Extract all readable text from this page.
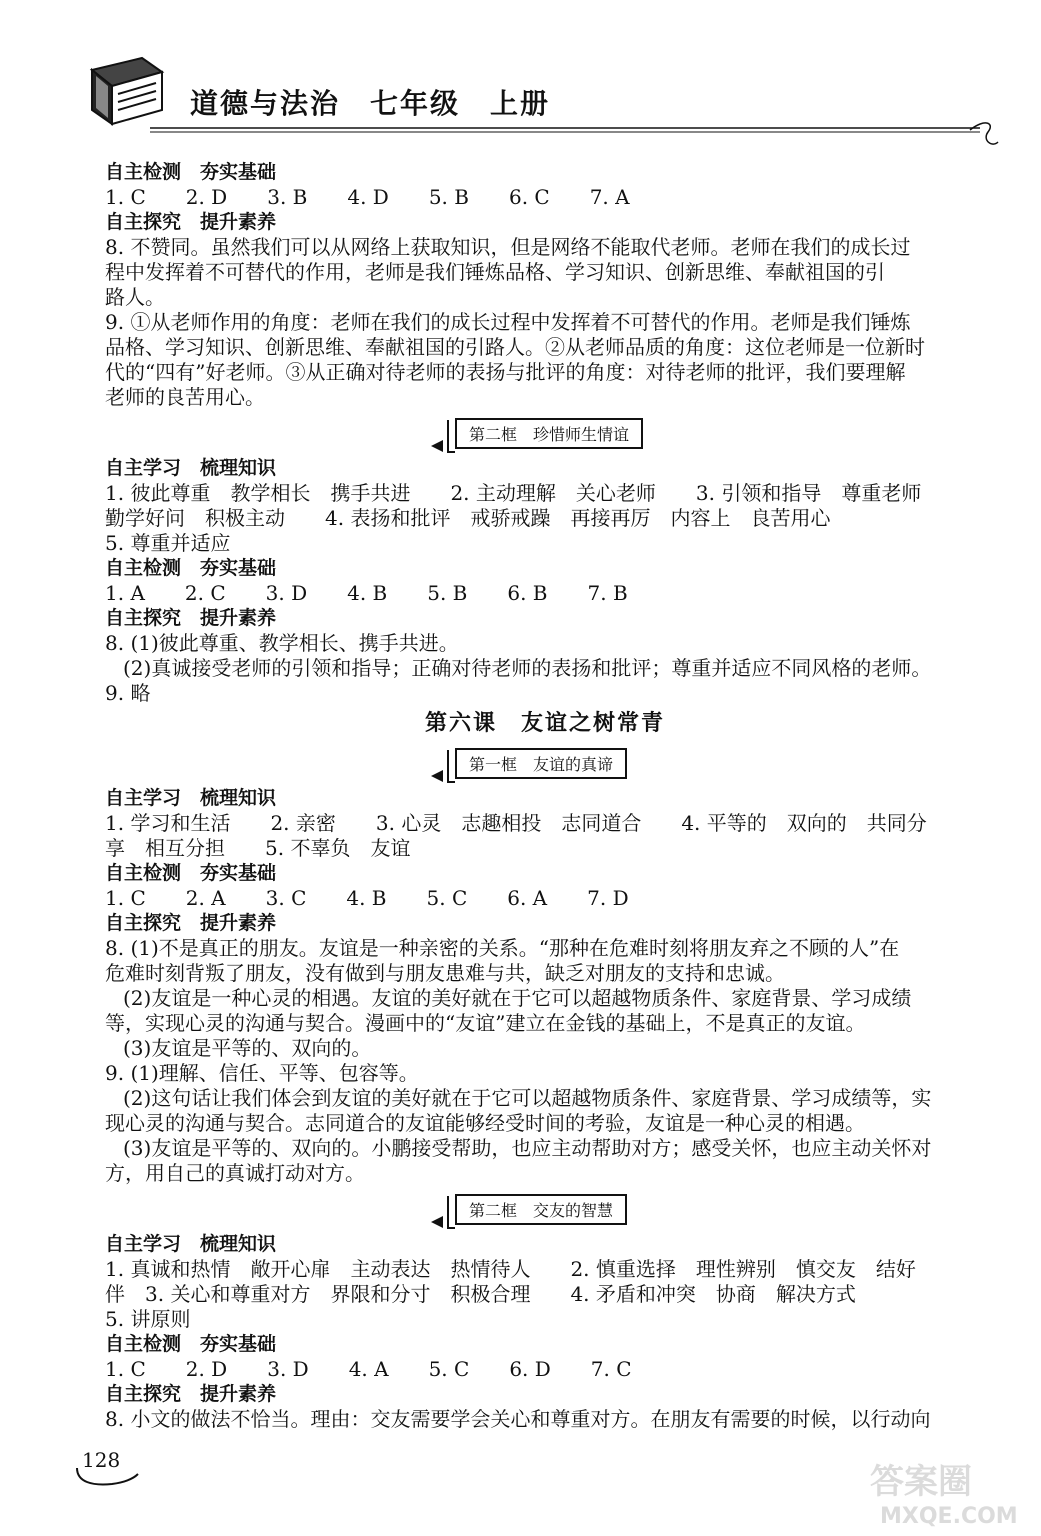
道德与法治　七年级　上册
自主检测　夯实基础
1. C　　2. D　　3. B　　4. D　　5. B　　6. C　　7. A
自主探究　提升素养
8. 不赞同。虽然我们可以从网络上获取知识，但是网络不能取代老师。老师在我们的成长过
程中发挥着不可替代的作用，老师是我们锤炼品格、学习知识、创新思维、奉献祖国的引
路人。
9. ①从老师作用的角度：老师在我们的成长过程中发挥着不可替代的作用。老师是我们锤炼
品格、学习知识、创新思维、奉献祖国的引路人。②从老师品质的角度：这位老师是一位新时
代的“四有”好老师。③从正确对待老师的表扬与批评的角度：对待老师的批评，我们要理解
老师的良苦用心。
第二框　珍惜师生情谊
自主学习　梳理知识
1. 彼此尊重　教学相长　携手共进　　2. 主动理解　关心老师　　3. 引领和指导　尊重老师
勤学好问　积极主动　　4. 表扬和批评　戒骄戒躁　再接再厉　内容上　良苦用心
5. 尊重并适应
自主检测　夯实基础
1. A　　2. C　　3. D　　4. B　　5. B　　6. B　　7. B
自主探究　提升素养
8. (1)彼此尊重、教学相长、携手共进。
(2)真诚接受老师的引领和指导；正确对待老师的表扬和批评；尊重并适应不同风格的老师。
9. 略
第六课　友谊之树常青
第一框　友谊的真谛
自主学习　梳理知识
1. 学习和生活　　2. 亲密　　3. 心灵　志趣相投　志同道合　　4. 平等的　双向的　共同分
享　相互分担　　5. 不辜负　友谊
自主检测　夯实基础
1. C　　2. A　　3. C　　4. B　　5. C　　6. A　　7. D
自主探究　提升素养
8. (1)不是真正的朋友。友谊是一种亲密的关系。“那种在危难时刻将朋友弃之不顾的人”在
危难时刻背叛了朋友，没有做到与朋友患难与共，缺乏对朋友的支持和忠诚。
(2)友谊是一种心灵的相遇。友谊的美好就在于它可以超越物质条件、家庭背景、学习成绩
等，实现心灵的沟通与契合。漫画中的“友谊”建立在金钱的基础上，不是真正的友谊。
(3)友谊是平等的、双向的。
9. (1)理解、信任、平等、包容等。
(2)这句话让我们体会到友谊的美好就在于它可以超越物质条件、家庭背景、学习成绩等，实
现心灵的沟通与契合。志同道合的友谊能够经受时间的考验，友谊是一种心灵的相遇。
(3)友谊是平等的、双向的。小鹏接受帮助，也应主动帮助对方；感受关怀，也应主动关怀对
方，用自己的真诚打动对方。
第二框　交友的智慧
自主学习　梳理知识
1. 真诚和热情　敞开心扉　主动表达　热情待人　　2. 慎重选择　理性辨别　慎交友　结好
伴　3. 关心和尊重对方　界限和分寸　积极合理　　4. 矛盾和冲突　协商　解决方式
5. 讲原则
自主检测　夯实基础
1. C　　2. D　　3. D　　4. A　　5. C　　6. D　　7. C
自主探究　提升素养
8. 小文的做法不恰当。理由：交友需要学会关心和尊重对方。在朋友有需要的时候，以行动向
128
答案圈
MXQE.COM
